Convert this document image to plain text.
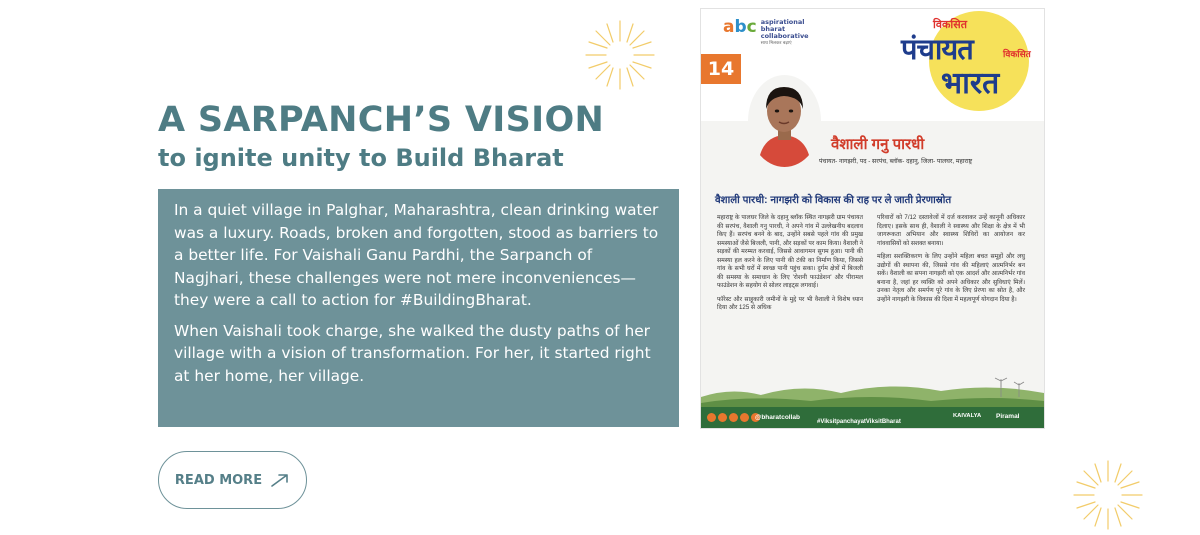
A SARPANCH’S VISION
to ignite unity to Build Bharat

In a quiet village in Palghar, Maharashtra, clean drinking water was a luxury. Roads, broken and forgotten, stood as barriers to a better life. For Vaishali Ganu Pardhi, the Sarpanch of Nagjhari, these challenges were not mere inconveniences—they were a call to action for #BuildingBharat.

When Vaishali took charge, she walked the dusty paths of her village with a vision of transformation. For her, it started right at her home, her village.

READ MORE
abc aspirational
bharat
collaborative
साथ मिलकर बढ़ाएं
विकसित
पंचायत	विकसित
भारत
14
वैशाली गनु पारधी
पंचायत- नागझरी, पद - सरपंच, ब्लॉक- दहानु, जिला- पालघर, महाराष्ट्र
वैशाली पारधी: नागझरी को विकास की राह पर ले जाती प्रेरणास्रोत

महाराष्ट्र के पालघर जिले के दहानु ब्लॉक स्थित नागझरी ग्राम पंचायत की सरपंच, वैशाली गनु पारधी, ने अपने गांव में उल्लेखनीय बदलाव किए हैं। सरपंच बनने के बाद, उन्होंने सबसे पहले गांव की प्रमुख समस्याओं जैसे बिजली, पानी, और सड़कों पर काम किया। वैशाली ने सड़कों की मरम्मत करवाई, जिससे आवागमन सुगम हुआ। पानी की समस्या हल करने के लिए पानी की टंकी का निर्माण किया, जिससे गांव के सभी घरों में स्वच्छ पानी पहुंच सका। दुर्गम क्षेत्रों में बिजली की समस्या के समाधान के लिए 'रोशनी फाउंडेशन' और पीरामल फाउंडेशन के सहयोग से सोलर लाइट्स लगवाई।

फॉरेस्ट और साहूकारी जमीनों के मुद्दे पर भी वैशाली ने विशेष ध्यान दिया और 125 से अधिक

परिवारों को 7/12 दस्तावेजों में दर्ज करवाकर उन्हें कानूनी अधिकार दिलाए। इसके साथ ही, वैशाली ने स्वास्थ्य और शिक्षा के क्षेत्र में भी जागरूकता अभियान और स्वास्थ्य शिविरों का आयोजन कर गांववासियों को सशक्त बनाया।

महिला सशक्तिकरण के लिए उन्होंने महिला बचत समूहों और लघु उद्योगों की स्थापना की, जिससे गांव की महिलाएं आत्मनिर्भर बन सकें। वैशाली का सपना नागझरी को एक आदर्श और आत्मनिर्भर गांव बनाना है, जहां हर व्यक्ति को अपने अधिकार और सुविधाएं मिलें। उनका नेतृत्व और समर्पण पूरे गांव के लिए प्रेरणा का स्रोत है, और उन्होंने नागझरी के विकास की दिशा में महत्वपूर्ण योगदान दिया है।

@bharatcollab
#ViksitpanchayatViksitBharat
KAIVALYA Piramal
